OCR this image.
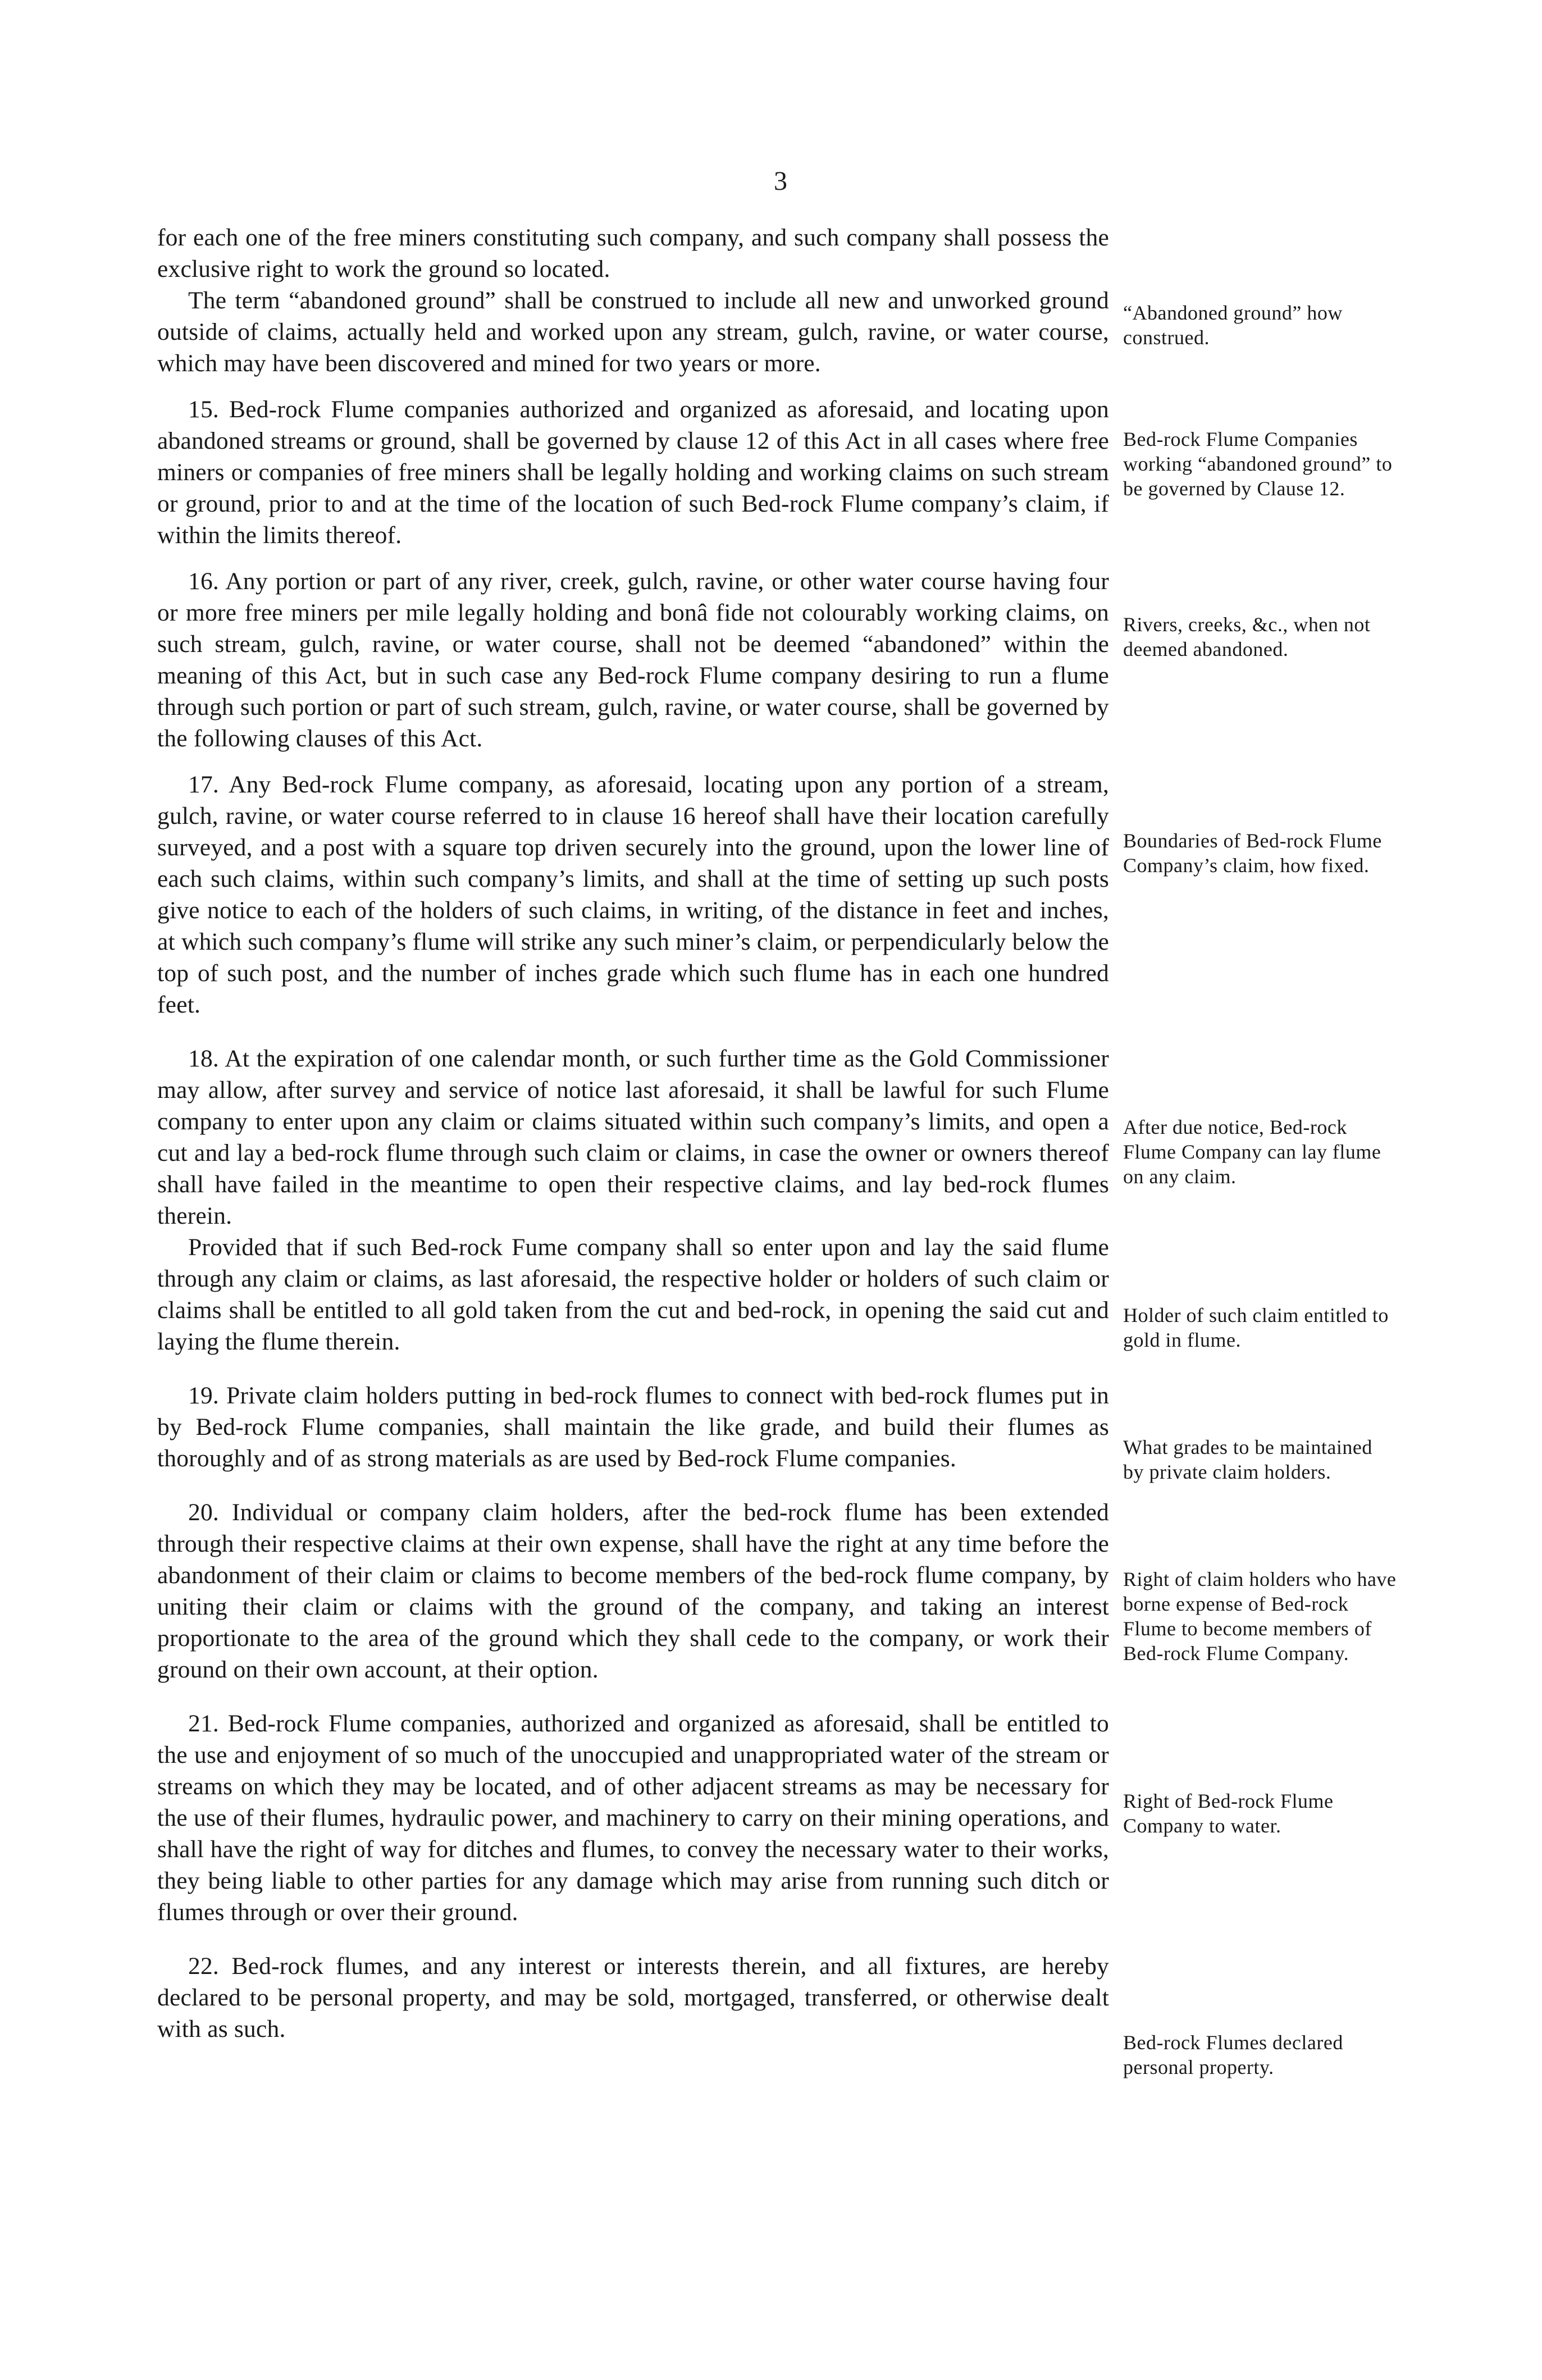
3

for each one of the free miners constituting such company, and such company shall possess the exclusive right to work the ground so located.

The term “abandoned ground” shall be construed to include all new and unworked ground outside of claims, actually held and worked upon any stream, gulch, ravine, or water course, which may have been discovered and mined for two years or more.

15. Bed-rock Flume companies authorized and organized as aforesaid, and locating upon abandoned streams or ground, shall be governed by clause 12 of this Act in all cases where free miners or companies of free miners shall be legally holding and working claims on such stream or ground, prior to and at the time of the location of such Bed-rock Flume company’s claim, if within the limits thereof.

16. Any portion or part of any river, creek, gulch, ravine, or other water course having four or more free miners per mile legally holding and bonâ fide not colourably working claims, on such stream, gulch, ravine, or water course, shall not be deemed “abandoned” within the meaning of this Act, but in such case any Bed-rock Flume company desiring to run a flume through such portion or part of such stream, gulch, ravine, or water course, shall be governed by the following clauses of this Act.

17. Any Bed-rock Flume company, as aforesaid, locating upon any portion of a stream, gulch, ravine, or water course referred to in clause 16 hereof shall have their location carefully surveyed, and a post with a square top driven securely into the ground, upon the lower line of each such claims, within such company’s limits, and shall at the time of setting up such posts give notice to each of the holders of such claims, in writing, of the distance in feet and inches, at which such company’s flume will strike any such miner’s claim, or perpendicularly below the top of such post, and the number of inches grade which such flume has in each one hundred feet.

18. At the expiration of one calendar month, or such further time as the Gold Commissioner may allow, after survey and service of notice last aforesaid, it shall be lawful for such Flume company to enter upon any claim or claims situated within such company’s limits, and open a cut and lay a bed-rock flume through such claim or claims, in case the owner or owners thereof shall have failed in the meantime to open their respective claims, and lay bed-rock flumes therein.

Provided that if such Bed-rock Fume company shall so enter upon and lay the said flume through any claim or claims, as last aforesaid, the respective holder or holders of such claim or claims shall be entitled to all gold taken from the cut and bed-rock, in opening the said cut and laying the flume therein.

19. Private claim holders putting in bed-rock flumes to connect with bed-rock flumes put in by Bed-rock Flume companies, shall maintain the like grade, and build their flumes as thoroughly and of as strong materials as are used by Bed-rock Flume companies.

20. Individual or company claim holders, after the bed-rock flume has been extended through their respective claims at their own expense, shall have the right at any time before the abandonment of their claim or claims to become members of the bed-rock flume company, by uniting their claim or claims with the ground of the company, and taking an interest proportionate to the area of the ground which they shall cede to the company, or work their ground on their own account, at their option.

21. Bed-rock Flume companies, authorized and organized as aforesaid, shall be entitled to the use and enjoyment of so much of the unoccupied and unappropriated water of the stream or streams on which they may be located, and of other adjacent streams as may be necessary for the use of their flumes, hydraulic power, and machinery to carry on their mining operations, and shall have the right of way for ditches and flumes, to convey the necessary water to their works, they being liable to other parties for any damage which may arise from running such ditch or flumes through or over their ground.

22. Bed-rock flumes, and any interest or interests therein, and all fixtures, are hereby declared to be personal property, and may be sold, mortgaged, transferred, or otherwise dealt with as such.

“Abandoned ground” how construed.
Bed-rock Flume Companies working “abandoned ground” to be governed by Clause 12.
Rivers, creeks, &c., when not deemed abandoned.
Boundaries of Bed-rock Flume Company’s claim, how fixed.
After due notice, Bed-rock Flume Company can lay flume on any claim.
Holder of such claim entitled to gold in flume.
What grades to be maintained by private claim holders.
Right of claim holders who have borne expense of Bed-rock Flume to become members of Bed-rock Flume Company.
Right of Bed-rock Flume Company to water.
Bed-rock Flumes declared personal property.
